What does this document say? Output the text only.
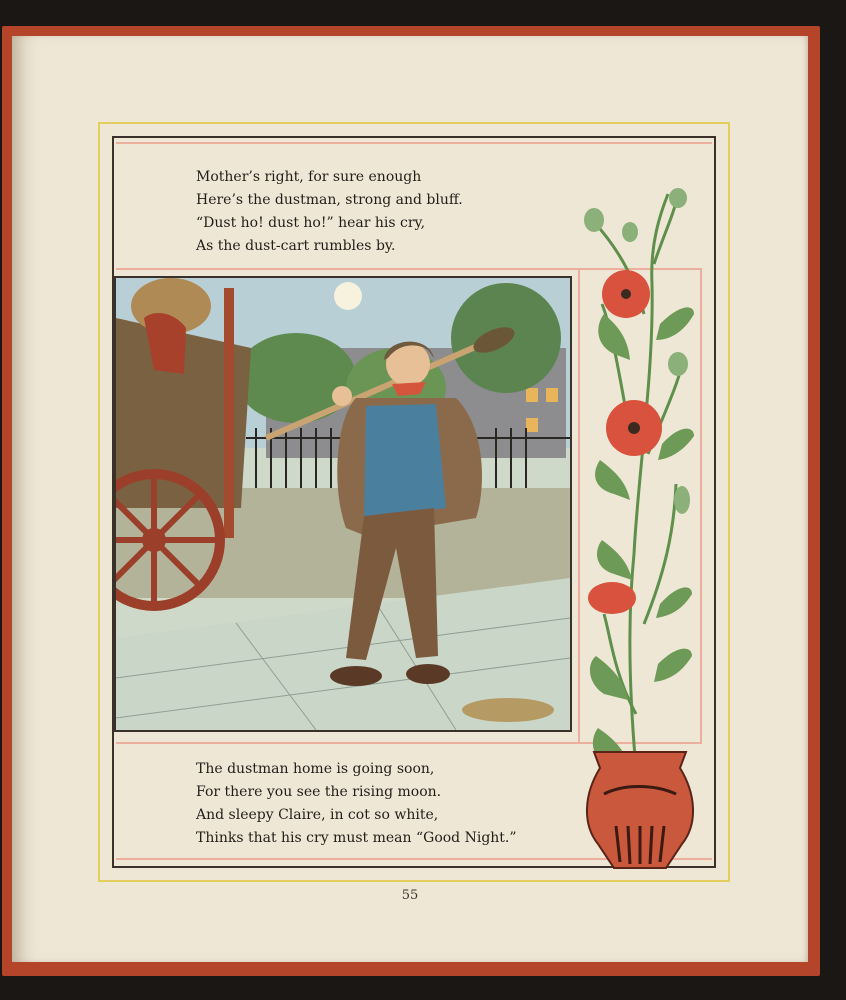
Mother’s right, for sure enough
Here’s the dustman, strong and bluff.
“Dust ho! dust ho!” hear his cry,
As the dust-cart rumbles by.
The dustman home is going soon,
For there you see the rising moon.
And sleepy Claire, in cot so white,
Thinks that his cry must mean “Good Night.”
55
